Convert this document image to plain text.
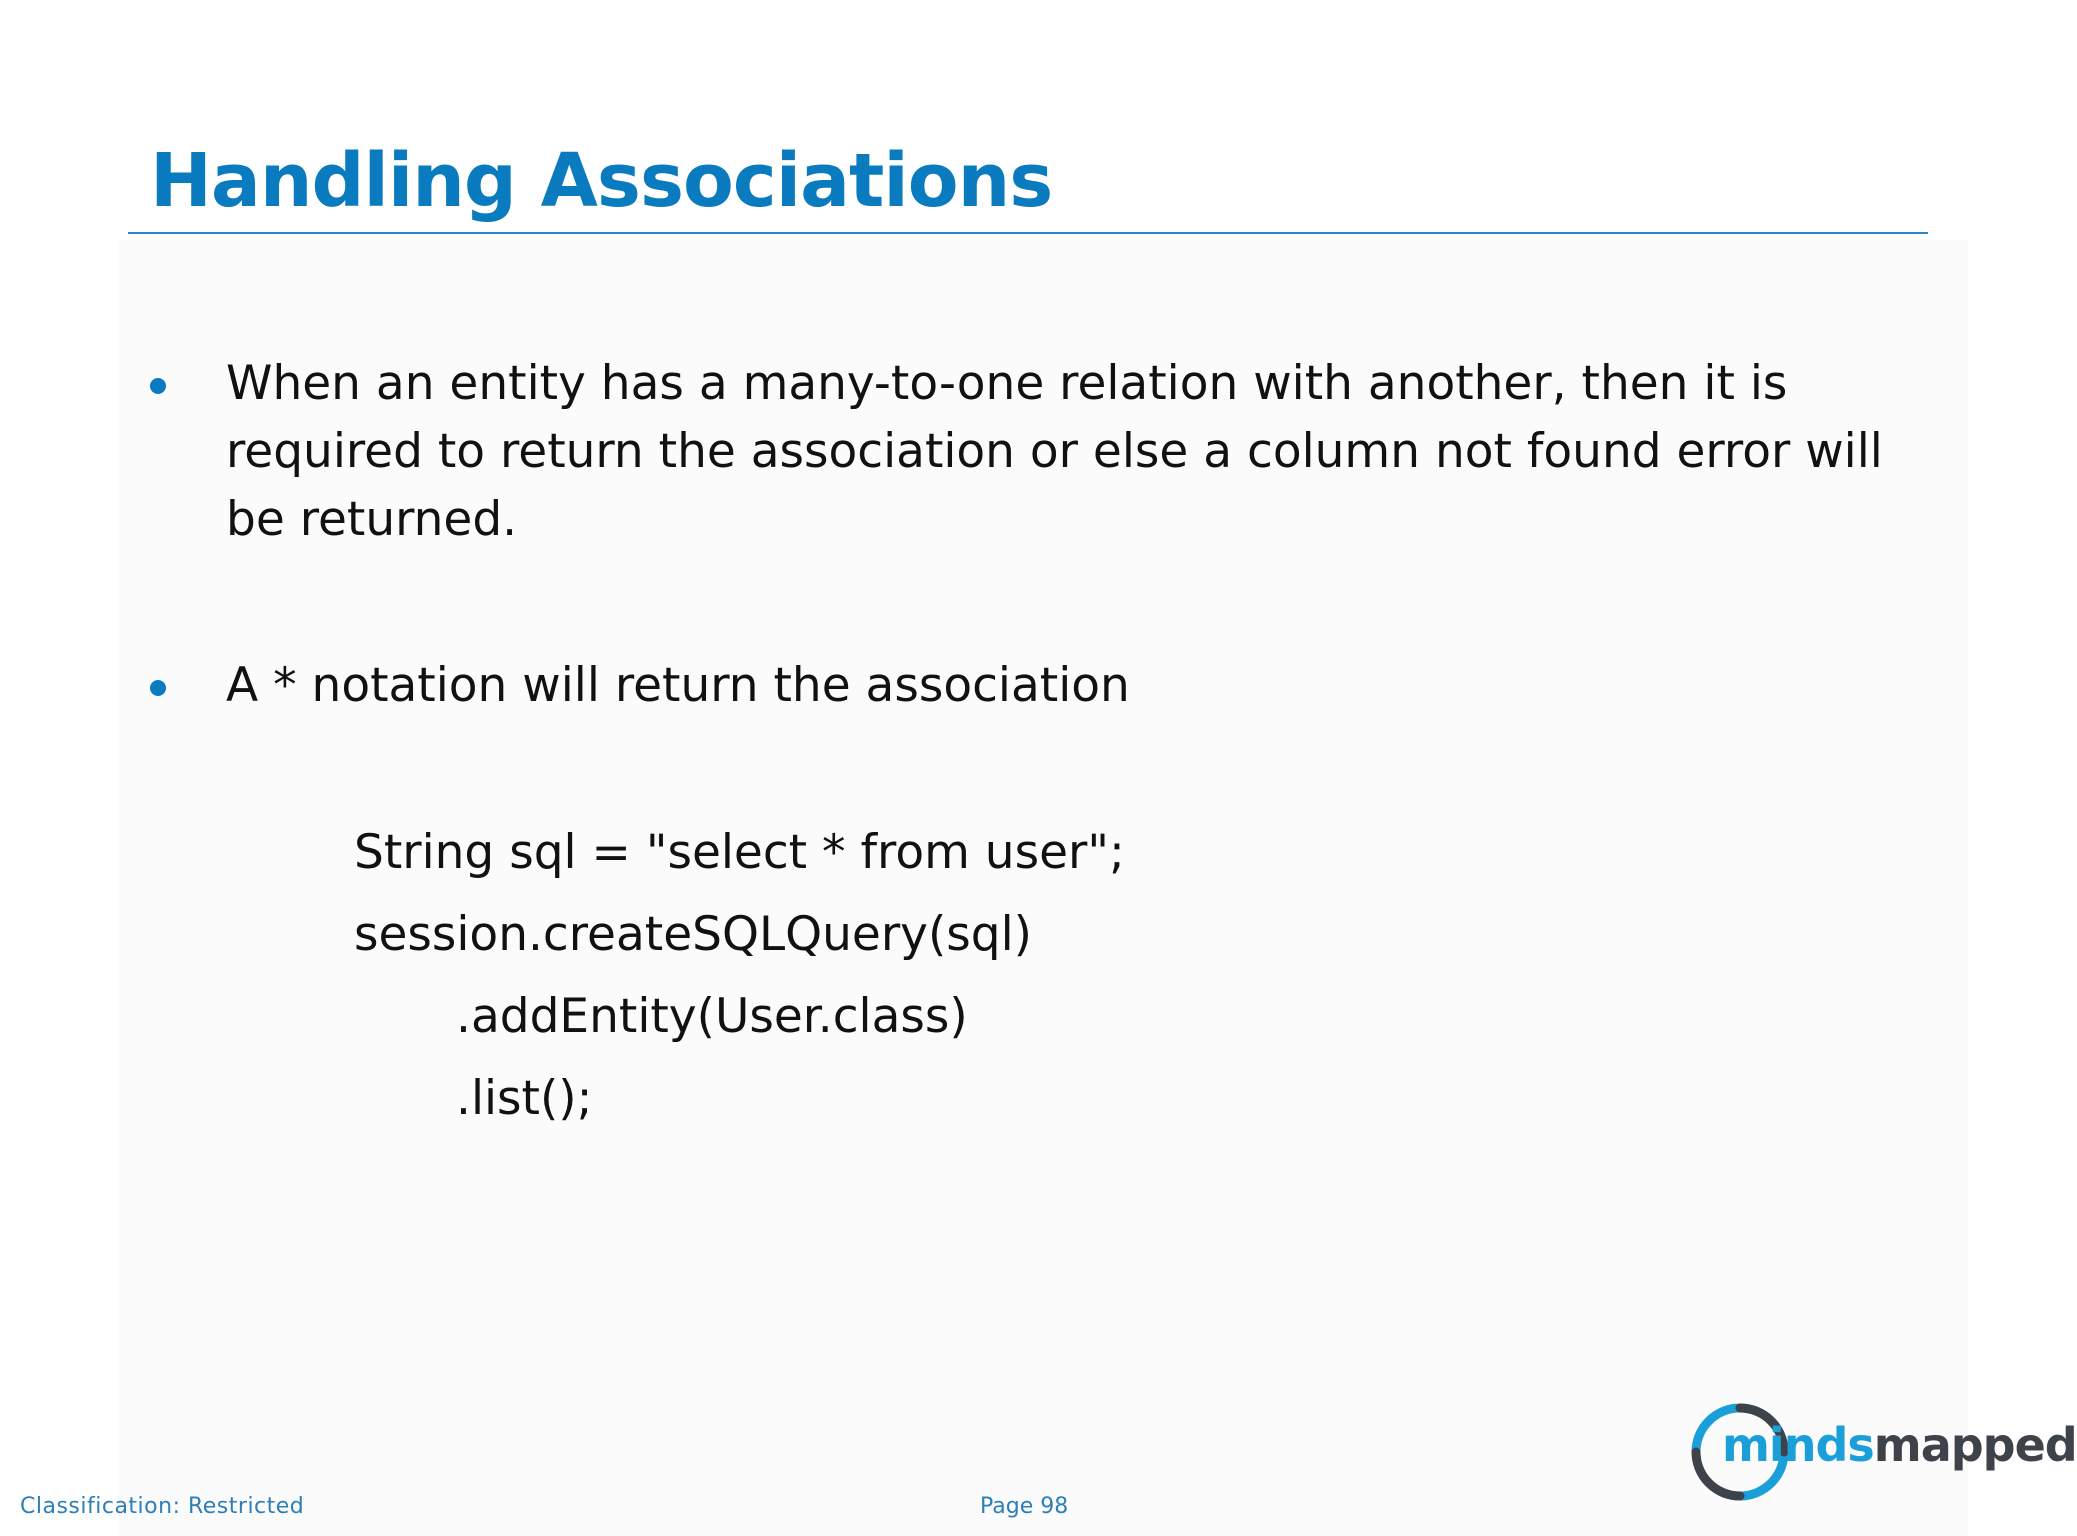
Handling Associations
When an entity has a many-to-one relation with another, then it is required to return the association or else a column not found error will be returned.
A * notation will return the association
String sql = "select * from user";
session.createSQLQuery(sql)
.addEntity(User.class)
.list();
mindsmapped
Classification: Restricted	Page 98
